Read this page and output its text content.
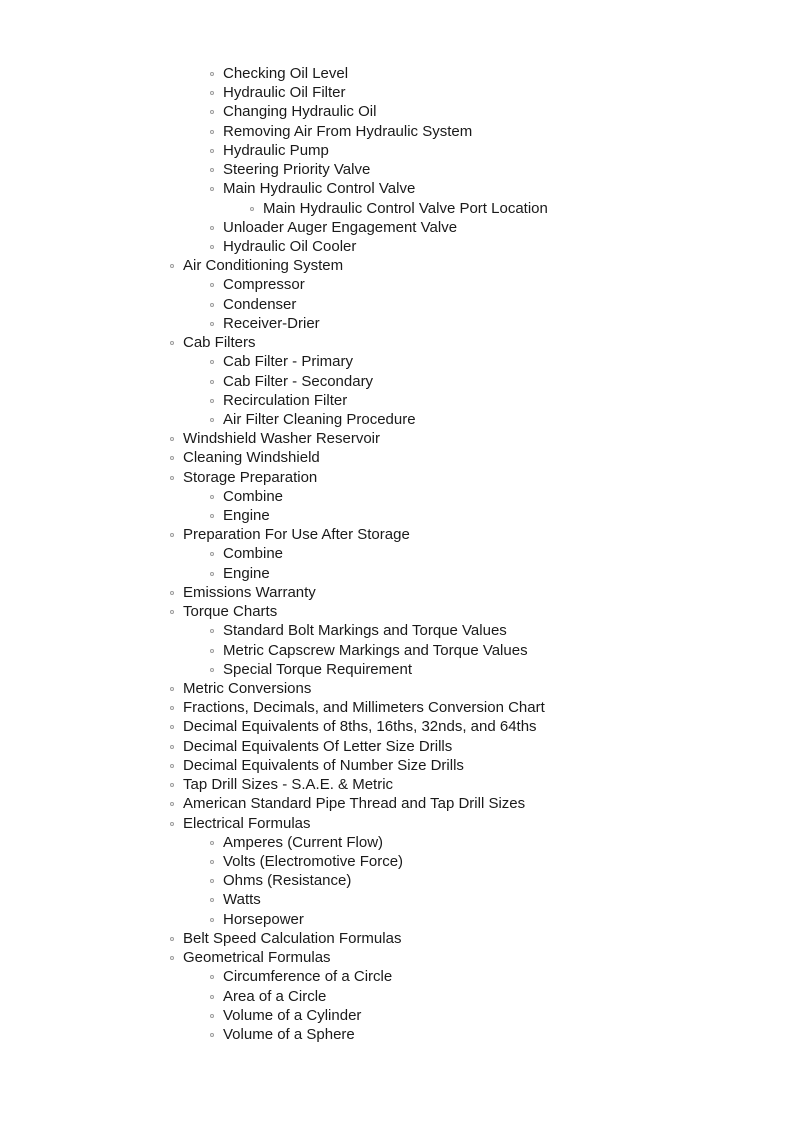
Checking Oil Level
Hydraulic Oil Filter
Changing Hydraulic Oil
Removing Air From Hydraulic System
Hydraulic Pump
Steering Priority Valve
Main Hydraulic Control Valve
Main Hydraulic Control Valve Port Location
Unloader Auger Engagement Valve
Hydraulic Oil Cooler
Air Conditioning System
Compressor
Condenser
Receiver-Drier
Cab Filters
Cab Filter - Primary
Cab Filter - Secondary
Recirculation Filter
Air Filter Cleaning Procedure
Windshield Washer Reservoir
Cleaning Windshield
Storage Preparation
Combine
Engine
Preparation For Use After Storage
Combine
Engine
Emissions Warranty
Torque Charts
Standard Bolt Markings and Torque Values
Metric Capscrew Markings and Torque Values
Special Torque Requirement
Metric Conversions
Fractions, Decimals, and Millimeters Conversion Chart
Decimal Equivalents of 8ths, 16ths, 32nds, and 64ths
Decimal Equivalents Of Letter Size Drills
Decimal Equivalents of Number Size Drills
Tap Drill Sizes - S.A.E. & Metric
American Standard Pipe Thread and Tap Drill Sizes
Electrical Formulas
Amperes (Current Flow)
Volts (Electromotive Force)
Ohms (Resistance)
Watts
Horsepower
Belt Speed Calculation Formulas
Geometrical Formulas
Circumference of a Circle
Area of a Circle
Volume of a Cylinder
Volume of a Sphere
